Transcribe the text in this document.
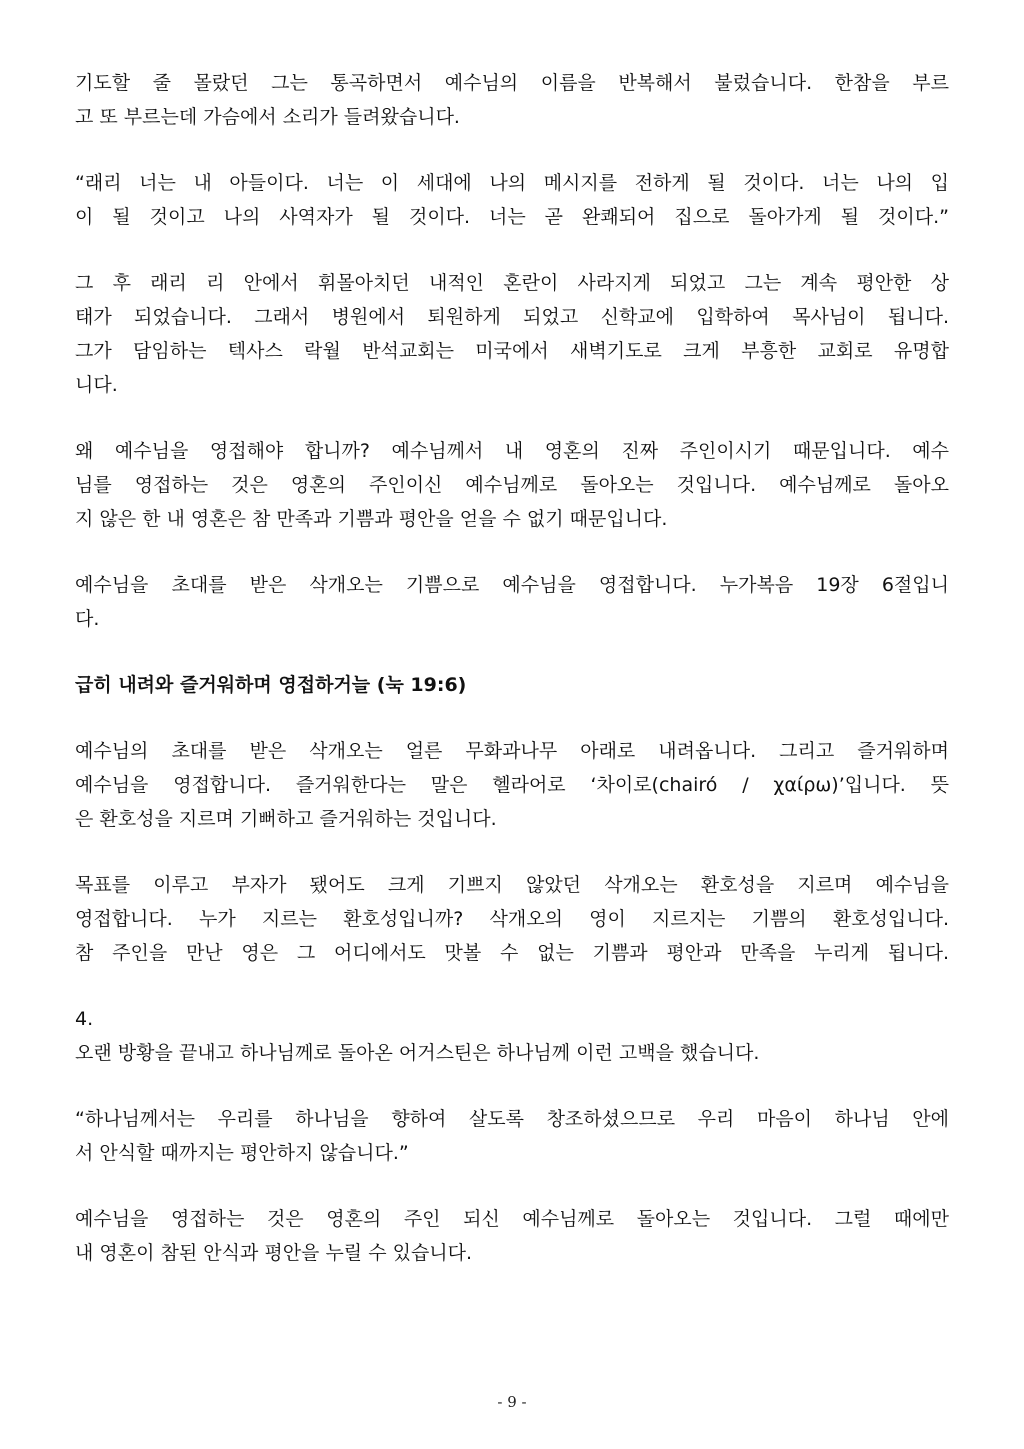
기도할 줄 몰랐던 그는 통곡하면서 예수님의 이름을 반복해서 불렀습니다. 한참을 부르
고 또 부르는데 가슴에서 소리가 들려왔습니다.

“래리 너는 내 아들이다. 너는 이 세대에 나의 메시지를 전하게 될 것이다. 너는 나의 입
이 될 것이고 나의 사역자가 될 것이다. 너는 곧 완쾌되어 집으로 돌아가게 될 것이다.”

그 후 래리 리 안에서 휘몰아치던 내적인 혼란이 사라지게 되었고 그는 계속 평안한 상
태가 되었습니다. 그래서 병원에서 퇴원하게 되었고 신학교에 입학하여 목사님이 됩니다.
그가 담임하는 텍사스 락월 반석교회는 미국에서 새벽기도로 크게 부흥한 교회로 유명합
니다.

왜 예수님을 영접해야 합니까? 예수님께서 내 영혼의 진짜 주인이시기 때문입니다. 예수
님를 영접하는 것은 영혼의 주인이신 예수님께로 돌아오는 것입니다. 예수님께로 돌아오
지 않은 한 내 영혼은 참 만족과 기쁨과 평안을 얻을 수 없기 때문입니다.

예수님을 초대를 받은 삭개오는 기쁨으로 예수님을 영접합니다. 누가복음 19장 6절입니
다.

급히 내려와 즐거워하며 영접하거늘 (눅 19:6)

예수님의 초대를 받은 삭개오는 얼른 무화과나무 아래로 내려옵니다. 그리고 즐거워하며
예수님을 영접합니다. 즐거워한다는 말은 헬라어로 ‘차이로(chairó / χαίρω)’입니다. 뜻
은 환호성을 지르며 기뻐하고 즐거워하는 것입니다.

목표를 이루고 부자가 됐어도 크게 기쁘지 않았던 삭개오는 환호성을 지르며 예수님을
영접합니다. 누가 지르는 환호성입니까? 삭개오의 영이 지르지는 기쁨의 환호성입니다.
참 주인을 만난 영은 그 어디에서도 맛볼 수 없는 기쁨과 평안과 만족을 누리게 됩니다.

4.
오랜 방황을 끝내고 하나님께로 돌아온 어거스틴은 하나님께 이런 고백을 했습니다.

“하나님께서는 우리를 하나님을 향하여 살도록 창조하셨으므로 우리 마음이 하나님 안에
서 안식할 때까지는 평안하지 않습니다.”

예수님을 영접하는 것은 영혼의 주인 되신 예수님께로 돌아오는 것입니다. 그럴 때에만
내 영혼이 참된 안식과 평안을 누릴 수 있습니다.

- 9 -
